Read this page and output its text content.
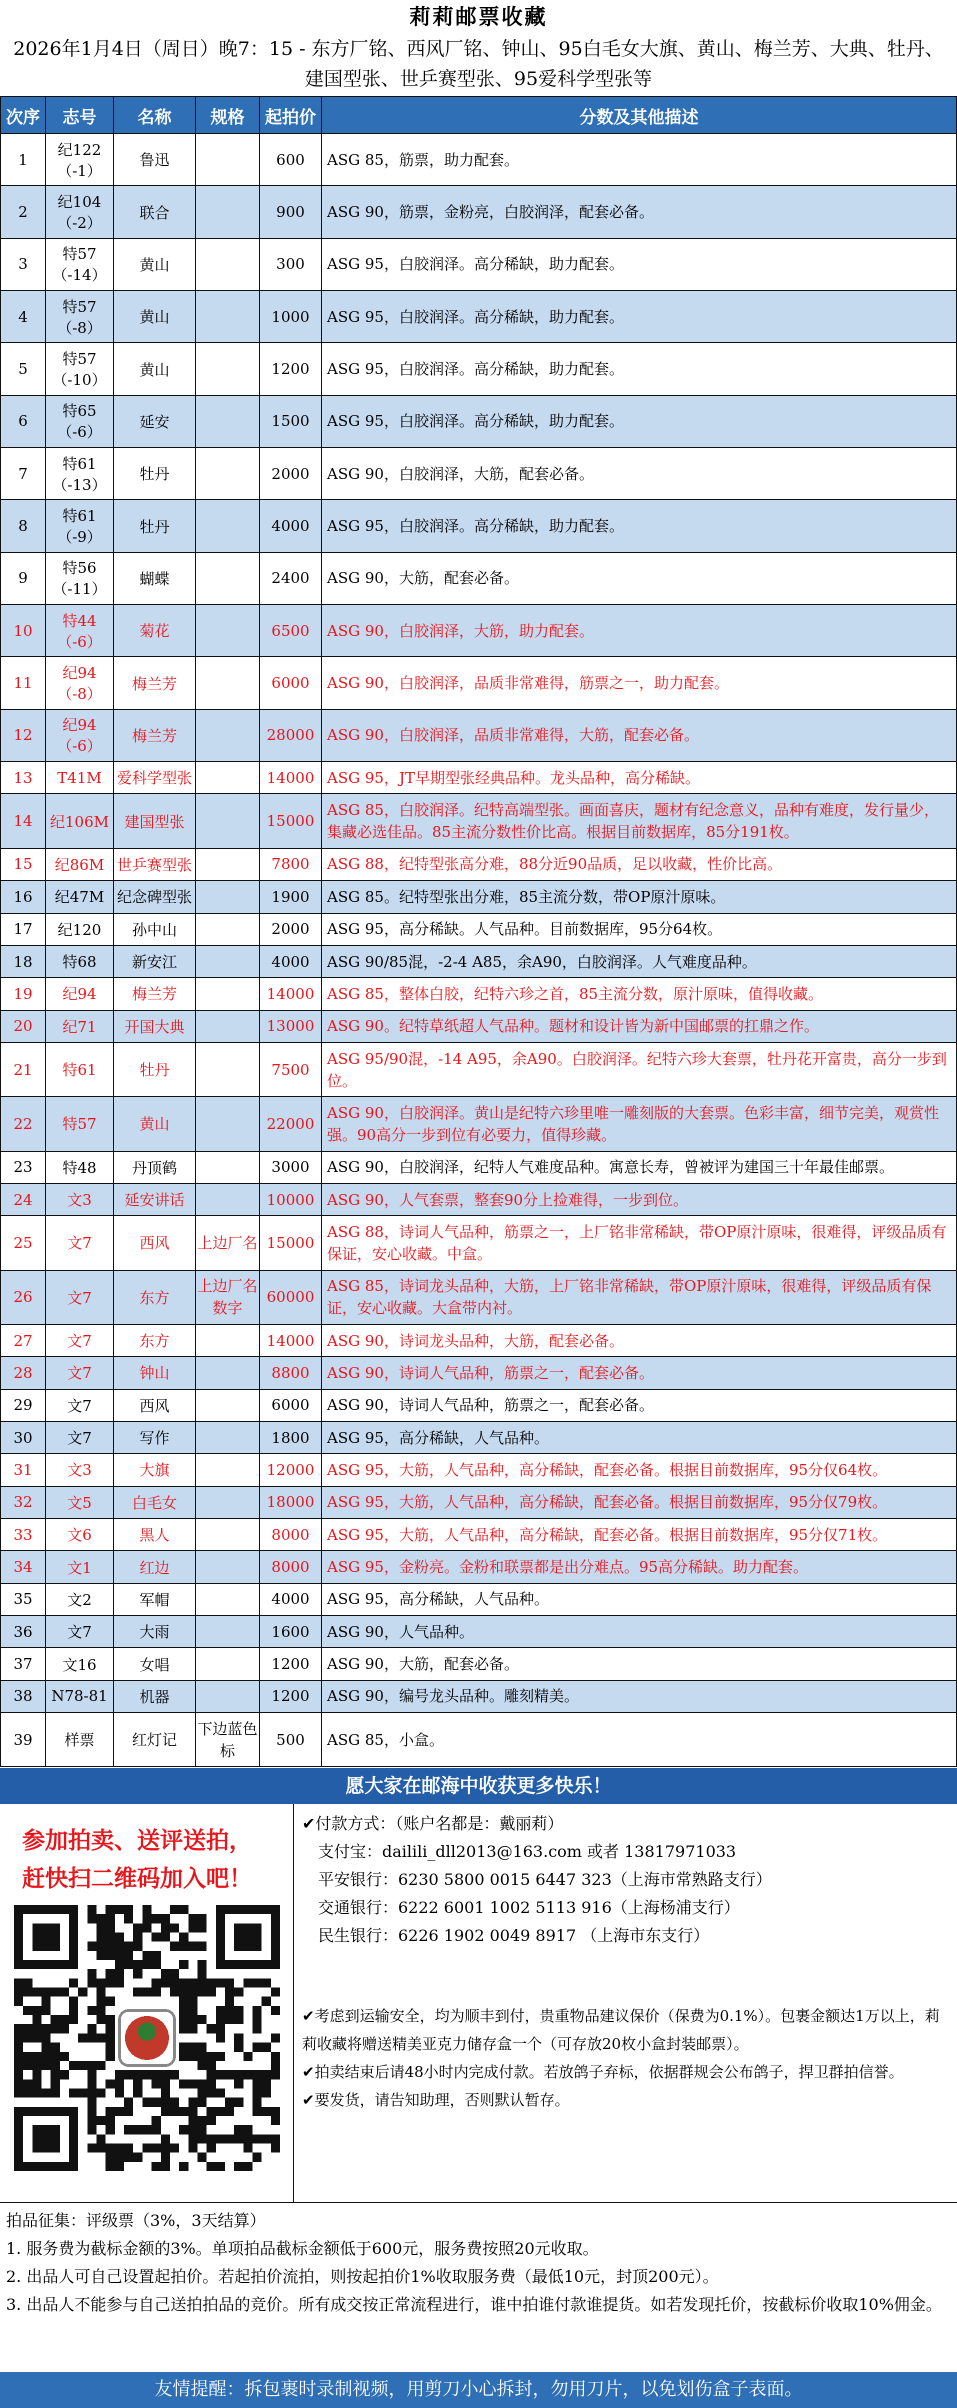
莉莉邮票收藏
2026年1月4日（周日）晚7：15 - 东方厂铭、西风厂铭、钟山、95白毛女大旗、黄山、梅兰芳、大典、牡丹、建国型张、世乒赛型张、95爱科学型张等
次序	志号	名称	规格	起拍价	分数及其他描述
1	纪122（-1）	鲁迅		600	ASG 85，筋票，助力配套。
2	纪104（-2）	联合		900	ASG 90，筋票，金粉亮，白胶润泽，配套必备。
3	特57（-14）	黄山		300	ASG 95，白胶润泽。高分稀缺，助力配套。
4	特57（-8）	黄山		1000	ASG 95，白胶润泽。高分稀缺，助力配套。
5	特57（-10）	黄山		1200	ASG 95，白胶润泽。高分稀缺，助力配套。
6	特65（-6）	延安		1500	ASG 95，白胶润泽。高分稀缺，助力配套。
7	特61（-13）	牡丹		2000	ASG 90，白胶润泽，大筋，配套必备。
8	特61（-9）	牡丹		4000	ASG 95，白胶润泽。高分稀缺，助力配套。
9	特56（-11）	蝴蝶		2400	ASG 90，大筋，配套必备。
10	特44（-6）	菊花		6500	ASG 90，白胶润泽，大筋，助力配套。
11	纪94（-8）	梅兰芳		6000	ASG 90，白胶润泽，品质非常难得，筋票之一，助力配套。
12	纪94（-6）	梅兰芳		28000	ASG 90，白胶润泽，品质非常难得，大筋，配套必备。
13	T41M	爱科学型张		14000	ASG 95，JT早期型张经典品种。龙头品种，高分稀缺。
14	纪106M	建国型张		15000	ASG 85，白胶润泽。纪特高端型张。画面喜庆，题材有纪念意义，品种有难度，发行量少，集藏必选佳品。85主流分数性价比高。根据目前数据库，85分191枚。
15	纪86M	世乒赛型张		7800	ASG 88，纪特型张高分难，88分近90品质，足以收藏，性价比高。
16	纪47M	纪念碑型张		1900	ASG 85。纪特型张出分难，85主流分数，带OP原汁原味。
17	纪120	孙中山		2000	ASG 95，高分稀缺。人气品种。目前数据库，95分64枚。
18	特68	新安江		4000	ASG 90/85混，-2-4 A85，余A90，白胶润泽。人气难度品种。
19	纪94	梅兰芳		14000	ASG 85，整体白胶，纪特六珍之首，85主流分数，原汁原味，值得收藏。
20	纪71	开国大典		13000	ASG 90。纪特草纸超人气品种。题材和设计皆为新中国邮票的扛鼎之作。
21	特61	牡丹		7500	ASG 95/90混，-14 A95，余A90。白胶润泽。纪特六珍大套票，牡丹花开富贵，高分一步到位。
22	特57	黄山		22000	ASG 90，白胶润泽。黄山是纪特六珍里唯一雕刻版的大套票。色彩丰富，细节完美，观赏性强。90高分一步到位有必要力，值得珍藏。
23	特48	丹顶鹤		3000	ASG 90，白胶润泽，纪特人气难度品种。寓意长寿，曾被评为建国三十年最佳邮票。
24	文3	延安讲话		10000	ASG 90，人气套票，整套90分上捡难得，一步到位。
25	文7	西风	上边厂名	15000	ASG 88，诗词人气品种，筋票之一，上厂铭非常稀缺，带OP原汁原味，很难得，评级品质有保证，安心收藏。中盒。
26	文7	东方	上边厂名数字	60000	ASG 85，诗词龙头品种，大筋，上厂铭非常稀缺，带OP原汁原味，很难得，评级品质有保证，安心收藏。大盒带内衬。
27	文7	东方		14000	ASG 90，诗词龙头品种，大筋，配套必备。
28	文7	钟山		8800	ASG 90，诗词人气品种，筋票之一，配套必备。
29	文7	西风		6000	ASG 90，诗词人气品种，筋票之一，配套必备。
30	文7	写作		1800	ASG 95，高分稀缺，人气品种。
31	文3	大旗		12000	ASG 95，大筋，人气品种，高分稀缺，配套必备。根据目前数据库，95分仅64枚。
32	文5	白毛女		18000	ASG 95，大筋，人气品种，高分稀缺，配套必备。根据目前数据库，95分仅79枚。
33	文6	黑人		8000	ASG 95，大筋，人气品种，高分稀缺，配套必备。根据目前数据库，95分仅71枚。
34	文1	红边		8000	ASG 95，金粉亮。金粉和联票都是出分难点。95高分稀缺。助力配套。
35	文2	军帽		4000	ASG 95，高分稀缺，人气品种。
36	文7	大雨		1600	ASG 90，人气品种。
37	文16	女唱		1200	ASG 90，大筋，配套必备。
38	N78-81	机器		1200	ASG 90，编号龙头品种。雕刻精美。
39	样票	红灯记	下边蓝色标	500	ASG 85，小盒。
愿大家在邮海中收获更多快乐！
参加拍卖、送评送拍，
赶快扫二维码加入吧！
✔付款方式：（账户名都是：戴丽莉）
支付宝：dailili_dll2013@163.com 或者 13817971033
平安银行：6230 5800 0015 6447 323（上海市常熟路支行）
交通银行：6222 6001 1002 5113 916（上海杨浦支行）
民生银行：6226 1902 0049 8917 （上海市东支行）

✔考虑到运输安全，均为顺丰到付，贵重物品建议保价（保费为0.1%）。包裹金额达1万以上，莉莉收藏将赠送精美亚克力储存盒一个（可存放20枚小盒封装邮票）。

✔拍卖结束后请48小时内完成付款。若放鸽子弃标，依据群规会公布鸽子，捍卫群拍信誉。

✔要发货，请告知助理，否则默认暂存。

拍品征集：评级票（3%，3天结算）

1. 服务费为截标金额的3%。单项拍品截标金额低于600元，服务费按照20元收取。

2. 出品人可自己设置起拍价。若起拍价流拍，则按起拍价1%收取服务费（最低10元，封顶200元）。

3. 出品人不能参与自己送拍拍品的竞价。所有成交按正常流程进行，谁中拍谁付款谁提货。如若发现托价，按截标价收取10%佣金。

友情提醒：拆包裹时录制视频，用剪刀小心拆封，勿用刀片，以免划伤盒子表面。
